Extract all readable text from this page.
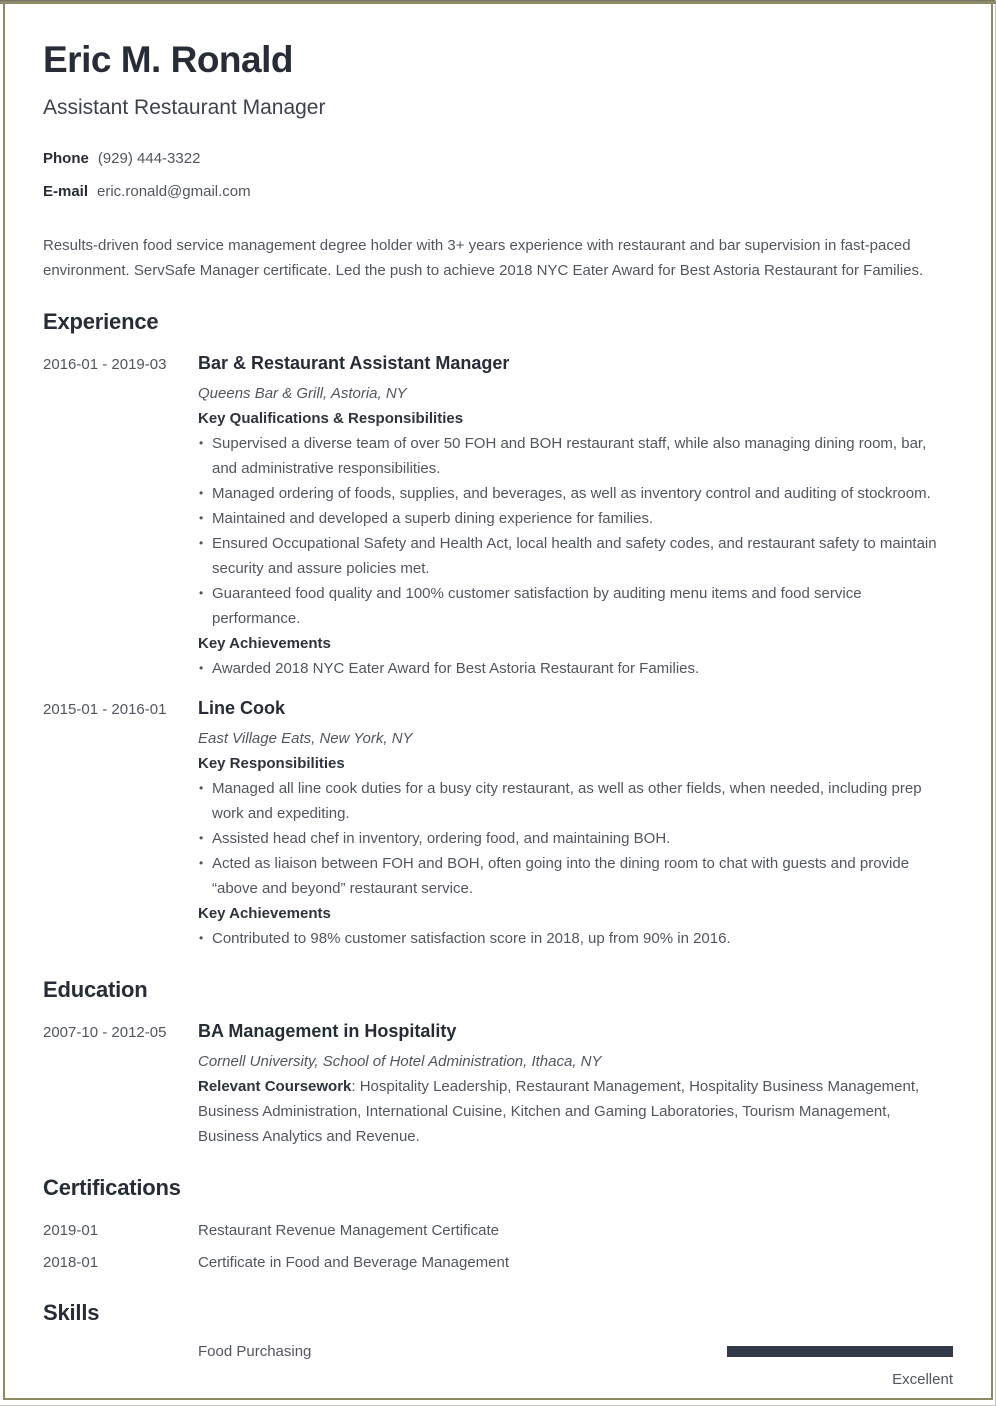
Eric M. Ronald
Assistant Restaurant Manager
Phone (929) 444-3322
E-mail eric.ronald@gmail.com

Results-driven food service management degree holder with 3+ years experience with restaurant and bar supervision in fast-paced environment. ServSafe Manager certificate. Led the push to achieve 2018 NYC Eater Award for Best Astoria Restaurant for Families.

Experience
2016-01 - 2019-03	Bar & Restaurant Assistant Manager
Queens Bar & Grill, Astoria, NY
Key Qualifications & Responsibilities
• Supervised a diverse team of over 50 FOH and BOH restaurant staff, while also managing dining room, bar, and administrative responsibilities.
• Managed ordering of foods, supplies, and beverages, as well as inventory control and auditing of stockroom.
• Maintained and developed a superb dining experience for families.
• Ensured Occupational Safety and Health Act, local health and safety codes, and restaurant safety to maintain security and assure policies met.
• Guaranteed food quality and 100% customer satisfaction by auditing menu items and food service performance.
Key Achievements
• Awarded 2018 NYC Eater Award for Best Astoria Restaurant for Families.
2015-01 - 2016-01	Line Cook
East Village Eats, New York, NY
Key Responsibilities
• Managed all line cook duties for a busy city restaurant, as well as other fields, when needed, including prep work and expediting.
• Assisted head chef in inventory, ordering food, and maintaining BOH.
• Acted as liaison between FOH and BOH, often going into the dining room to chat with guests and provide “above and beyond” restaurant service.
Key Achievements
• Contributed to 98% customer satisfaction score in 2018, up from 90% in 2016.
Education
2007-10 - 2012-05	BA Management in Hospitality
Cornell University, School of Hotel Administration, Ithaca, NY
Relevant Coursework: Hospitality Leadership, Restaurant Management, Hospitality Business Management, Business Administration, International Cuisine, Kitchen and Gaming Laboratories, Tourism Management, Business Analytics and Revenue.
Certifications
2019-01	Restaurant Revenue Management Certificate
2018-01	Certificate in Food and Beverage Management
Skills
Food Purchasing
Excellent
